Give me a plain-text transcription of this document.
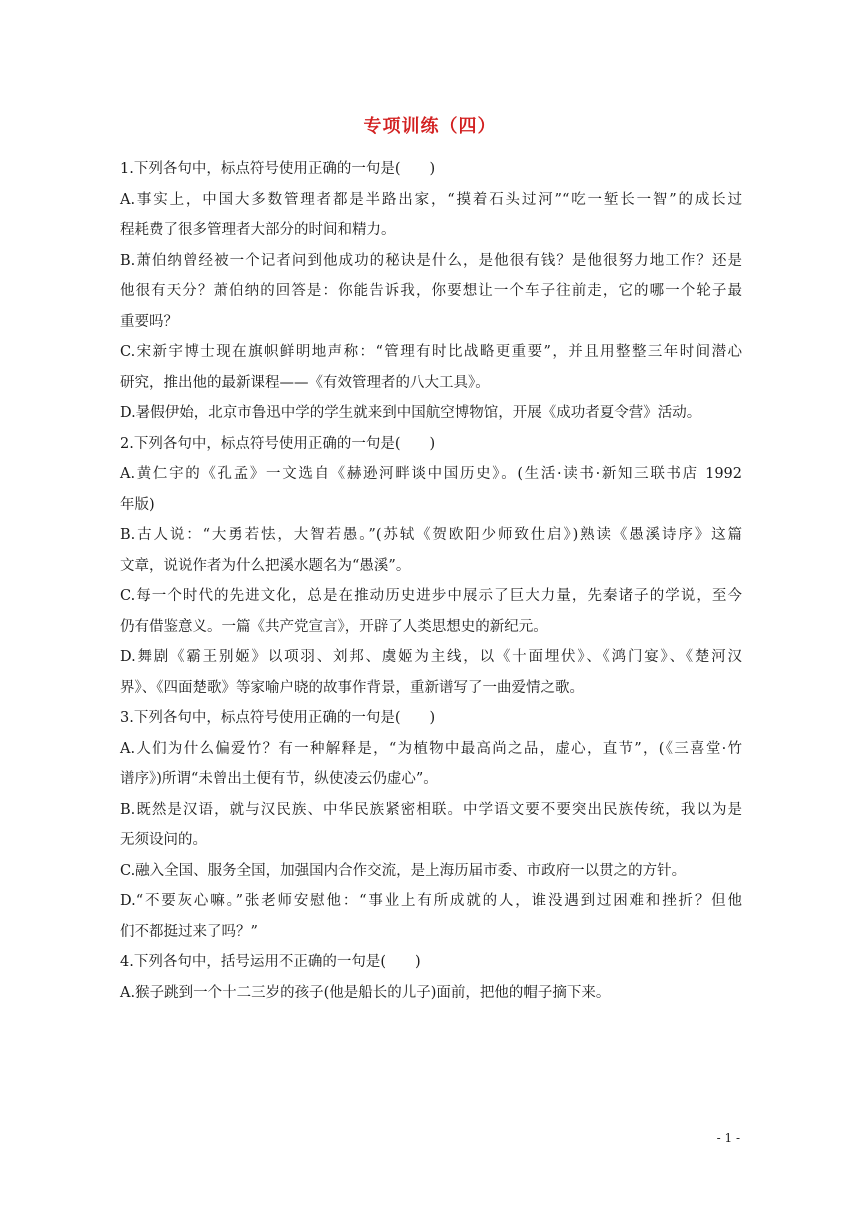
专项训练（四）
1.下列各句中，标点符号使用正确的一句是(　　)
A.事实上，中国大多数管理者都是半路出家，“摸着石头过河”“吃一堑长一智”的成长过
程耗费了很多管理者大部分的时间和精力。
B.萧伯纳曾经被一个记者问到他成功的秘诀是什么，是他很有钱？是他很努力地工作？还是
他很有天分？萧伯纳的回答是：你能告诉我，你要想让一个车子往前走，它的哪一个轮子最
重要吗？
C.宋新宇博士现在旗帜鲜明地声称：“管理有时比战略更重要”，并且用整整三年时间潜心
研究，推出他的最新课程——《有效管理者的八大工具》。
D.暑假伊始，北京市鲁迅中学的学生就来到中国航空博物馆，开展《成功者夏令营》活动。
2.下列各句中，标点符号使用正确的一句是(　　)
A.黄仁宇的《孔孟》一文选自《赫逊河畔谈中国历史》。(生活·读书·新知三联书店 1992
年版)
B.古人说：“大勇若怯，大智若愚。”(苏轼《贺欧阳少师致仕启》)熟读《愚溪诗序》这篇
文章，说说作者为什么把溪水题名为“愚溪”。
C.每一个时代的先进文化，总是在推动历史进步中展示了巨大力量，先秦诸子的学说，至今
仍有借鉴意义。一篇《共产党宣言》，开辟了人类思想史的新纪元。
D.舞剧《霸王别姬》以项羽、刘邦、虞姬为主线，以《十面埋伏》、《鸿门宴》、《楚河汉
界》、《四面楚歌》等家喻户晓的故事作背景，重新谱写了一曲爱情之歌。
3.下列各句中，标点符号使用正确的一句是(　　)
A.人们为什么偏爱竹？有一种解释是，“为植物中最高尚之品，虚心，直节”，(《三喜堂·竹
谱序》)所谓“未曾出土便有节，纵使凌云仍虚心”。
B.既然是汉语，就与汉民族、中华民族紧密相联。中学语文要不要突出民族传统，我以为是
无须设问的。
C.融入全国、服务全国，加强国内合作交流，是上海历届市委、市政府一以贯之的方针。
D.“不要灰心嘛。”张老师安慰他：“事业上有所成就的人，谁没遇到过困难和挫折？但他
们不都挺过来了吗？”
4.下列各句中，括号运用不正确的一句是(　　)
A.猴子跳到一个十二三岁的孩子(他是船长的儿子)面前，把他的帽子摘下来。
- 1 -
